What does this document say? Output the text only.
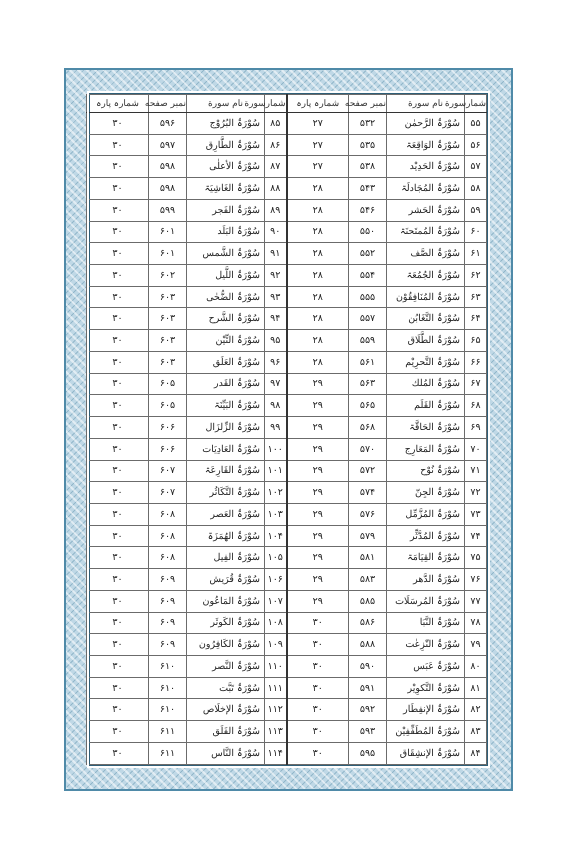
شمارسورة	نام سورة	نمبر صفحه	شمارہ پارہ	شمارسورة	نام سورة	نمبر صفحه	شمارہ پارہ
۵۵	سُوْرَۃُ الرَّحمٰن	۵۳۲	۲۷	۸۵	سُوْرَۃُ البُرُوْج	۵۹۶	۳۰
۵۶	سُوْرَۃُ الوَاقِعَۃ	۵۳۵	۲۷	۸۶	سُوْرَۃُ الطَّارِق	۵۹۷	۳۰
۵۷	سُوْرَۃُ الحَدِیْد	۵۳۸	۲۷	۸۷	سُوْرَۃُ الأعلٰی	۵۹۸	۳۰
۵۸	سُوْرَۃُ المُجَادلَۃ	۵۴۳	۲۸	۸۸	سُوْرَۃُ الغَاشِیَۃ	۵۹۸	۳۰
۵۹	سُوْرَۃُ الحَشر	۵۴۶	۲۸	۸۹	سُوْرَۃُ الفَجر	۵۹۹	۳۰
۶۰	سُوْرَۃُ المُمتَحنَۃ	۵۵۰	۲۸	۹۰	سُوْرَۃُ البَلَد	۶۰۱	۳۰
۶۱	سُوْرَۃُ الصَّف	۵۵۲	۲۸	۹۱	سُوْرَۃُ الشَّمس	۶۰۱	۳۰
۶۲	سُوْرَۃُ الجُمُعَۃ	۵۵۴	۲۸	۹۲	سُوْرَۃُ اللَّیل	۶۰۲	۳۰
۶۳	سُوْرَۃُ المُنَافِقُوْن	۵۵۵	۲۸	۹۳	سُوْرَۃُ الضُّحٰی	۶۰۳	۳۰
۶۴	سُوْرَۃُ التَّغَابُن	۵۵۷	۲۸	۹۴	سُوْرَۃُ الشَّرح	۶۰۳	۳۰
۶۵	سُوْرَۃُ الطَّلَاق	۵۵۹	۲۸	۹۵	سُوْرَۃُ التِّیْن	۶۰۳	۳۰
۶۶	سُوْرَۃُ التَّحرِیْم	۵۶۱	۲۸	۹۶	سُوْرَۃُ العَلَق	۶۰۳	۳۰
۶۷	سُوْرَۃُ المُلك	۵۶۳	۲۹	۹۷	سُوْرَۃُ القَدر	۶۰۵	۳۰
۶۸	سُوْرَۃُ القَلَم	۵۶۵	۲۹	۹۸	سُوْرَۃُ البَیِّنَۃ	۶۰۵	۳۰
۶۹	سُوْرَۃُ الحَاقَّۃ	۵۶۸	۲۹	۹۹	سُوْرَۃُ الزِّلزَال	۶۰۶	۳۰
۷۰	سُوْرَۃُ المَعَارِج	۵۷۰	۲۹	۱۰۰	سُوْرَۃُ العَادِیَات	۶۰۶	۳۰
۷۱	سُوْرَۃُ نُوْح	۵۷۲	۲۹	۱۰۱	سُوْرَۃُ القَارِعَۃ	۶۰۷	۳۰
۷۲	سُوْرَۃُ الجِنّ	۵۷۴	۲۹	۱۰۲	سُوْرَۃُ التَّكَاثُر	۶۰۷	۳۰
۷۳	سُوْرَۃُ المُزَّمِّل	۵۷۶	۲۹	۱۰۳	سُوْرَۃُ العَصر	۶۰۸	۳۰
۷۴	سُوْرَۃُ المُدَّثِّر	۵۷۹	۲۹	۱۰۴	سُوْرَۃُ الهُمَزَۃ	۶۰۸	۳۰
۷۵	سُوْرَۃُ القِیَامَۃ	۵۸۱	۲۹	۱۰۵	سُوْرَۃُ الفِیل	۶۰۸	۳۰
۷۶	سُوْرَۃُ الدَّھر	۵۸۳	۲۹	۱۰۶	سُوْرَۃُ قُرَیش	۶۰۹	۳۰
۷۷	سُوْرَۃُ المُرسَلَات	۵۸۵	۲۹	۱۰۷	سُوْرَۃُ المَاعُون	۶۰۹	۳۰
۷۸	سُوْرَۃُ النَّبَا	۵۸۶	۳۰	۱۰۸	سُوْرَۃُ الكَوثَر	۶۰۹	۳۰
۷۹	سُوْرَۃُ النّٰزِعٰت	۵۸۸	۳۰	۱۰۹	سُوْرَۃُ الكَافِرُون	۶۰۹	۳۰
۸۰	سُوْرَۃُ عَبَس	۵۹۰	۳۰	۱۱۰	سُوْرَۃُ النَّصر	۶۱۰	۳۰
۸۱	سُوْرَۃُ التَّكوِیْر	۵۹۱	۳۰	۱۱۱	سُوْرَۃُ تَبَّت	۶۱۰	۳۰
۸۲	سُوْرَۃُ الإنفِطَار	۵۹۲	۳۰	۱۱۲	سُوْرَۃُ الإخلَاص	۶۱۰	۳۰
۸۳	سُوْرَۃُ المُطَفِّفِیْن	۵۹۳	۳۰	۱۱۳	سُوْرَۃُ الفَلَق	۶۱۱	۳۰
۸۴	سُوْرَۃُ الإنشِقَاق	۵۹۵	۳۰	۱۱۴	سُوْرَۃُ النَّاس	۶۱۱	۳۰
